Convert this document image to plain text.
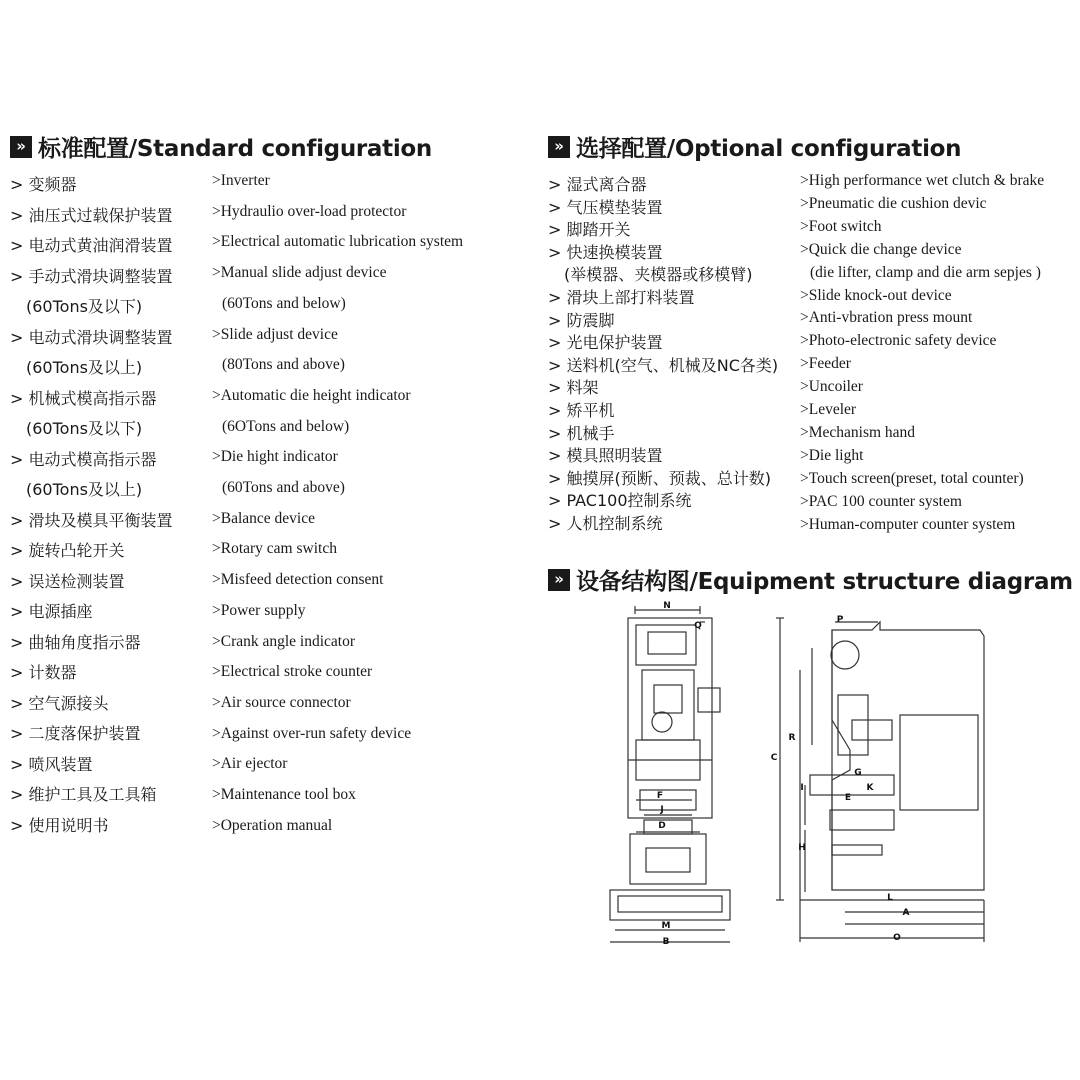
» 标准配置/Standard configuration	» 选择配置/Optional configuration
» 设备结构图/Equipment structure diagram
> 变频器
> 油压式过载保护装置
> 电动式黄油润滑装置
> 手动式滑块调整装置
(60Tons及以下)
> 电动式滑块调整装置
(60Tons及以上)
> 机械式模高指示器
(60Tons及以下)
> 电动式模高指示器
(60Tons及以上)
> 滑块及模具平衡装置
> 旋转凸轮开关
> 误送检测装置
> 电源插座
> 曲轴角度指示器
> 计数器
> 空气源接头
> 二度落保护装置
> 喷风装置
> 维护工具及工具箱
> 使用说明书
>Inverter
>Hydraulio over-load protector
>Electrical automatic lubrication system
>Manual slide adjust device
(60Tons and below)
>Slide adjust device
(80Tons and above)
>Automatic die height indicator
(6OTons and below)
>Die hight indicator
(60Tons and above)
>Balance device
>Rotary cam switch
>Misfeed detection consent
>Power supply
>Crank angle indicator
>Electrical stroke counter
>Air source connector
>Against over-run safety device
>Air ejector
>Maintenance tool box
>Operation manual
> 湿式离合器
> 气压模垫装置
> 脚踏开关
> 快速换模装置
(举模器、夹模器或移模臂)
> 滑块上部打料装置
> 防震脚
> 光电保护装置
> 送料机(空气、机械及NC各类)
> 料架
> 矫平机
> 机械手
> 模具照明装置
> 触摸屏(预断、预裁、总计数)
> PAC100控制系统
> 人机控制系统
>High performance wet clutch & brake
>Pneumatic die cushion devic
>Foot switch
>Quick die change device
(die lifter, clamp and die arm sepjes )
>Slide knock-out device
>Anti-vbration press mount
>Photo-electronic safety device
>Feeder
>Uncoiler
>Leveler
>Mechanism hand
>Die light
>Touch screen(preset, total counter)
>PAC 100 counter system
>Human-computer counter system
N
Q
F
J
D
M
B
P
R
C
G
K
E
I
H
L
A
O
